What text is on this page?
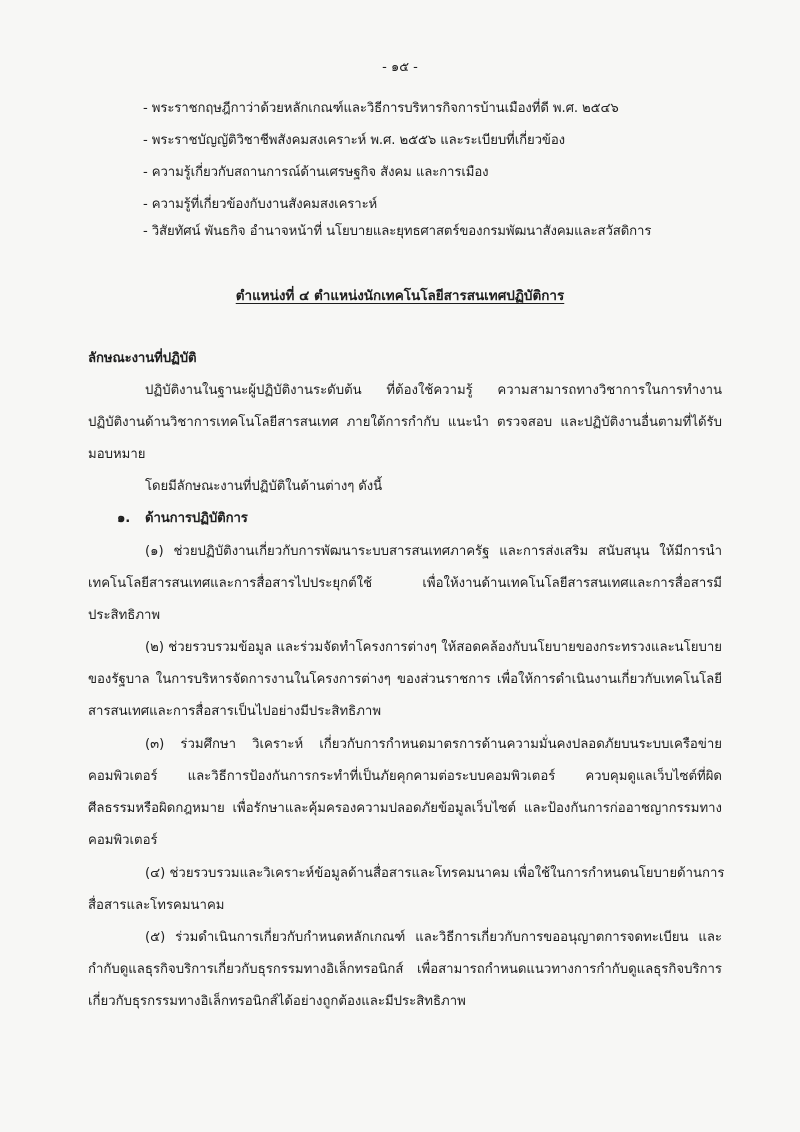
- ๑๕ -
- พระราชกฤษฎีกาว่าด้วยหลักเกณฑ์และวิธีการบริหารกิจการบ้านเมืองที่ดี พ.ศ. ๒๕๔๖
- พระราชบัญญัติวิชาชีพสังคมสงเคราะห์ พ.ศ. ๒๕๕๖ และระเบียบที่เกี่ยวข้อง
- ความรู้เกี่ยวกับสถานการณ์ด้านเศรษฐกิจ สังคม และการเมือง
- ความรู้ที่เกี่ยวข้องกับงานสังคมสงเคราะห์
- วิสัยทัศน์ พันธกิจ อำนาจหน้าที่ นโยบายและยุทธศาสตร์ของกรมพัฒนาสังคมและสวัสดิการ
ตำแหน่งที่ ๔ ตำแหน่งนักเทคโนโลยีสารสนเทศปฏิบัติการ
ลักษณะงานที่ปฏิบัติ
ปฏิบัติงานในฐานะผู้ปฏิบัติงานระดับต้น ที่ต้องใช้ความรู้ ความสามารถทางวิชาการในการทำงาน
ปฏิบัติงานด้านวิชาการเทคโนโลยีสารสนเทศ ภายใต้การกำกับ แนะนำ ตรวจสอบ และปฏิบัติงานอื่นตามที่ได้รับ
มอบหมาย
โดยมีลักษณะงานที่ปฏิบัติในด้านต่างๆ ดังนี้
๑. ด้านการปฏิบัติการ
(๑) ช่วยปฏิบัติงานเกี่ยวกับการพัฒนาระบบสารสนเทศภาครัฐ และการส่งเสริม สนับสนุน ให้มีการนำ
เทคโนโลยีสารสนเทศและการสื่อสารไปประยุกต์ใช้ เพื่อให้งานด้านเทคโนโลยีสารสนเทศและการสื่อสารมี
ประสิทธิภาพ
(๒) ช่วยรวบรวมข้อมูล และร่วมจัดทำโครงการต่างๆ ให้สอดคล้องกับนโยบายของกระทรวงและนโยบาย
ของรัฐบาล ในการบริหารจัดการงานในโครงการต่างๆ ของส่วนราชการ เพื่อให้การดำเนินงานเกี่ยวกับเทคโนโลยี
สารสนเทศและการสื่อสารเป็นไปอย่างมีประสิทธิภาพ
(๓) ร่วมศึกษา วิเคราะห์ เกี่ยวกับการกำหนดมาตรการด้านความมั่นคงปลอดภัยบนระบบเครือข่าย
คอมพิวเตอร์ และวิธีการป้องกันการกระทำที่เป็นภัยคุกคามต่อระบบคอมพิวเตอร์ ควบคุมดูแลเว็บไซต์ที่ผิด
ศีลธรรมหรือผิดกฎหมาย เพื่อรักษาและคุ้มครองความปลอดภัยข้อมูลเว็บไซต์ และป้องกันการก่ออาชญากรรมทาง
คอมพิวเตอร์
(๔) ช่วยรวบรวมและวิเคราะห์ข้อมูลด้านสื่อสารและโทรคมนาคม เพื่อใช้ในการกำหนดนโยบายด้านการ
สื่อสารและโทรคมนาคม
(๕) ร่วมดำเนินการเกี่ยวกับกำหนดหลักเกณฑ์ และวิธีการเกี่ยวกับการขออนุญาตการจดทะเบียน และ
กำกับดูแลธุรกิจบริการเกี่ยวกับธุรกรรมทางอิเล็กทรอนิกส์ เพื่อสามารถกำหนดแนวทางการกำกับดูแลธุรกิจบริการ
เกี่ยวกับธุรกรรมทางอิเล็กทรอนิกส์ได้อย่างถูกต้องและมีประสิทธิภาพ
